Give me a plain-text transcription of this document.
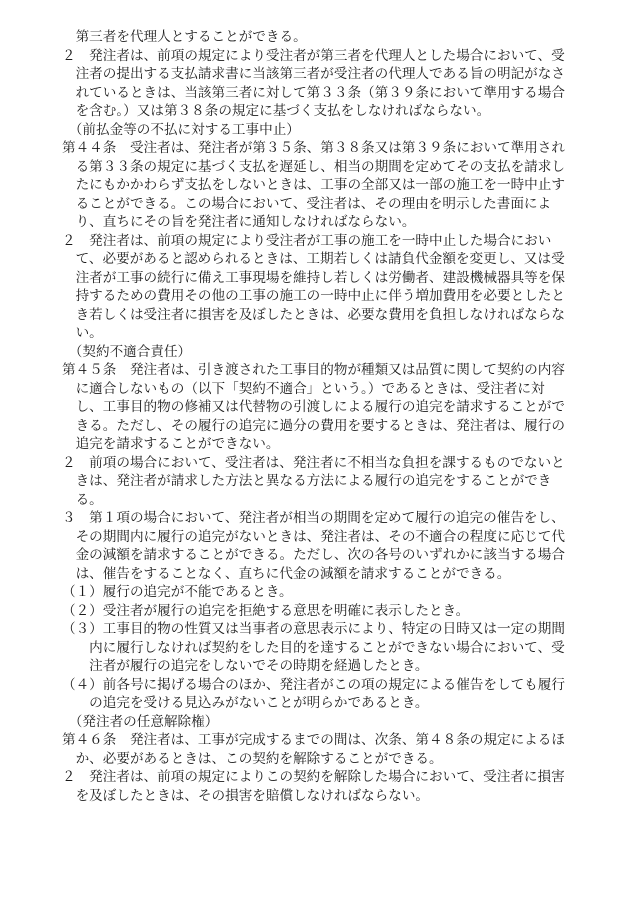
　第三者を代理人とすることができる。
２　発注者は、前項の規定により受注者が第三者を代理人とした場合において、受
　注者の提出する支払請求書に当該第三者が受注者の代理人である旨の明記がなさ
　れているときは、当該第三者に対して第３３条（第３９条において準用する場合
　を含む。）又は第３８条の規定に基づく支払をしなければならない。
　（前払金等の不払に対する工事中止）
第４４条　受注者は、発注者が第３５条、第３８条又は第３９条において準用され
　る第３３条の規定に基づく支払を遅延し、相当の期間を定めてその支払を請求し
　たにもかかわらず支払をしないときは、工事の全部又は一部の施工を一時中止す
　ることができる。この場合において、受注者は、その理由を明示した書面によ
　り、直ちにその旨を発注者に通知しなければならない。
２　発注者は、前項の規定により受注者が工事の施工を一時中止した場合におい
　て、必要があると認められるときは、工期若しくは請負代金額を変更し、又は受
　注者が工事の続行に備え工事現場を維持し若しくは労働者、建設機械器具等を保
　持するための費用その他の工事の施工の一時中止に伴う増加費用を必要としたと
　き若しくは受注者に損害を及ぼしたときは、必要な費用を負担しなければならな
　い。
　（契約不適合責任）
第４５条　発注者は、引き渡された工事目的物が種類又は品質に関して契約の内容
　に適合しないもの（以下「契約不適合」という。）であるときは、受注者に対
　し、工事目的物の修補又は代替物の引渡しによる履行の追完を請求することがで
　きる。ただし、その履行の追完に過分の費用を要するときは、発注者は、履行の
　追完を請求することができない。
２　前項の場合において、受注者は、発注者に不相当な負担を課するものでないと
　きは、発注者が請求した方法と異なる方法による履行の追完をすることができ
　る。
３　第１項の場合において、発注者が相当の期間を定めて履行の追完の催告をし、
　その期間内に履行の追完がないときは、発注者は、その不適合の程度に応じて代
　金の減額を請求することができる。ただし、次の各号のいずれかに該当する場合
　は、催告をすることなく、直ちに代金の減額を請求することができる。
（１）履行の追完が不能であるとき。
（２）受注者が履行の追完を拒絶する意思を明確に表示したとき。
（３）工事目的物の性質又は当事者の意思表示により、特定の日時又は一定の期間
　　内に履行しなければ契約をした目的を達することができない場合において、受
　　注者が履行の追完をしないでその時期を経過したとき。
（４）前各号に掲げる場合のほか、発注者がこの項の規定による催告をしても履行
　　の追完を受ける見込みがないことが明らかであるとき。
　（発注者の任意解除権）
第４６条　発注者は、工事が完成するまでの間は、次条、第４８条の規定によるほ
　か、必要があるときは、この契約を解除することができる。
２　発注者は、前項の規定によりこの契約を解除した場合において、受注者に損害
　を及ぼしたときは、その損害を賠償しなければならない。
